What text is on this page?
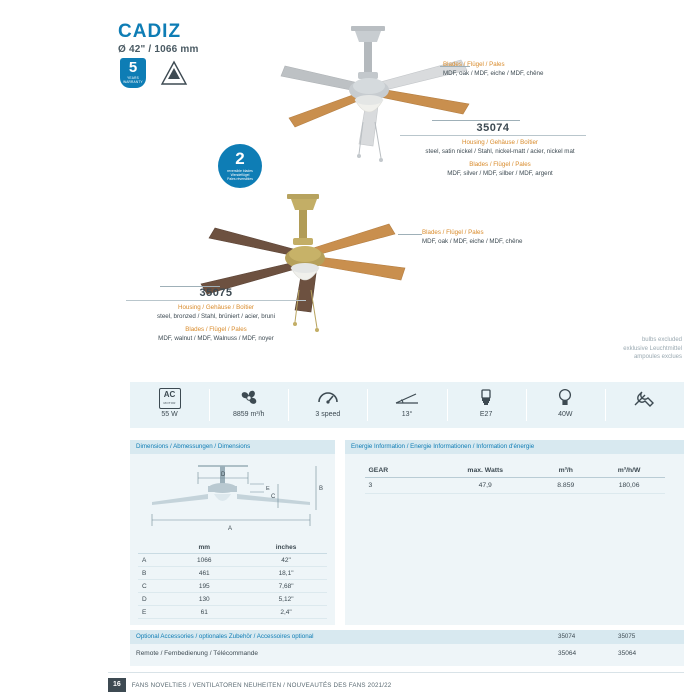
CADIZ
Ø 42" / 1066 mm
5
YEARS WARRANTY
2
reversible blades
Wendeflügel
Pales réversibles
Blades / Flügel / Pales
MDF, oak / MDF, eiche / MDF, chêne
35074
Housing / Gehäuse / Boîtier
steel, satin nickel / Stahl, nickel-matt / acier, nickel mat
Blades / Flügel / Pales
MDF, silver / MDF, silber / MDF, argent
Blades / Flügel / Pales
MDF, oak / MDF, eiche / MDF, chêne
35075
Housing / Gehäuse / Boîtier
steel, bronzed / Stahl, brüniert / acier, bruni
Blades / Flügel / Pales
MDF, walnut / MDF, Walnuss / MDF, noyer	bulbs excluded
exklusive Leuchtmittel
ampoules exclues
AC
MOTOR
55 W	8859 m³/h	3 speed	13°	E27	40W
Dimensions / Abmessungen / Dimensions
D
E
C
B
A
	mm	inches
A	1066	42"
B	461	18,1"
C	195	7,68"
D	130	5,12"
E	61	2,4"
Energie Information / Energie Informationen / Information d'énergie
GEAR	max. Watts	m³/h	m³/h/W
3	47,9	8.859	180,06
Optional Accessories / optionales Zubehör / Accessoires optional	35074	35075
Remote / Fernbedienung / Télécommande	35064	35064
16	FANS NOVELTIES / VENTILATOREN NEUHEITEN / NOUVEAUTÉS DES FANS 2021/22
